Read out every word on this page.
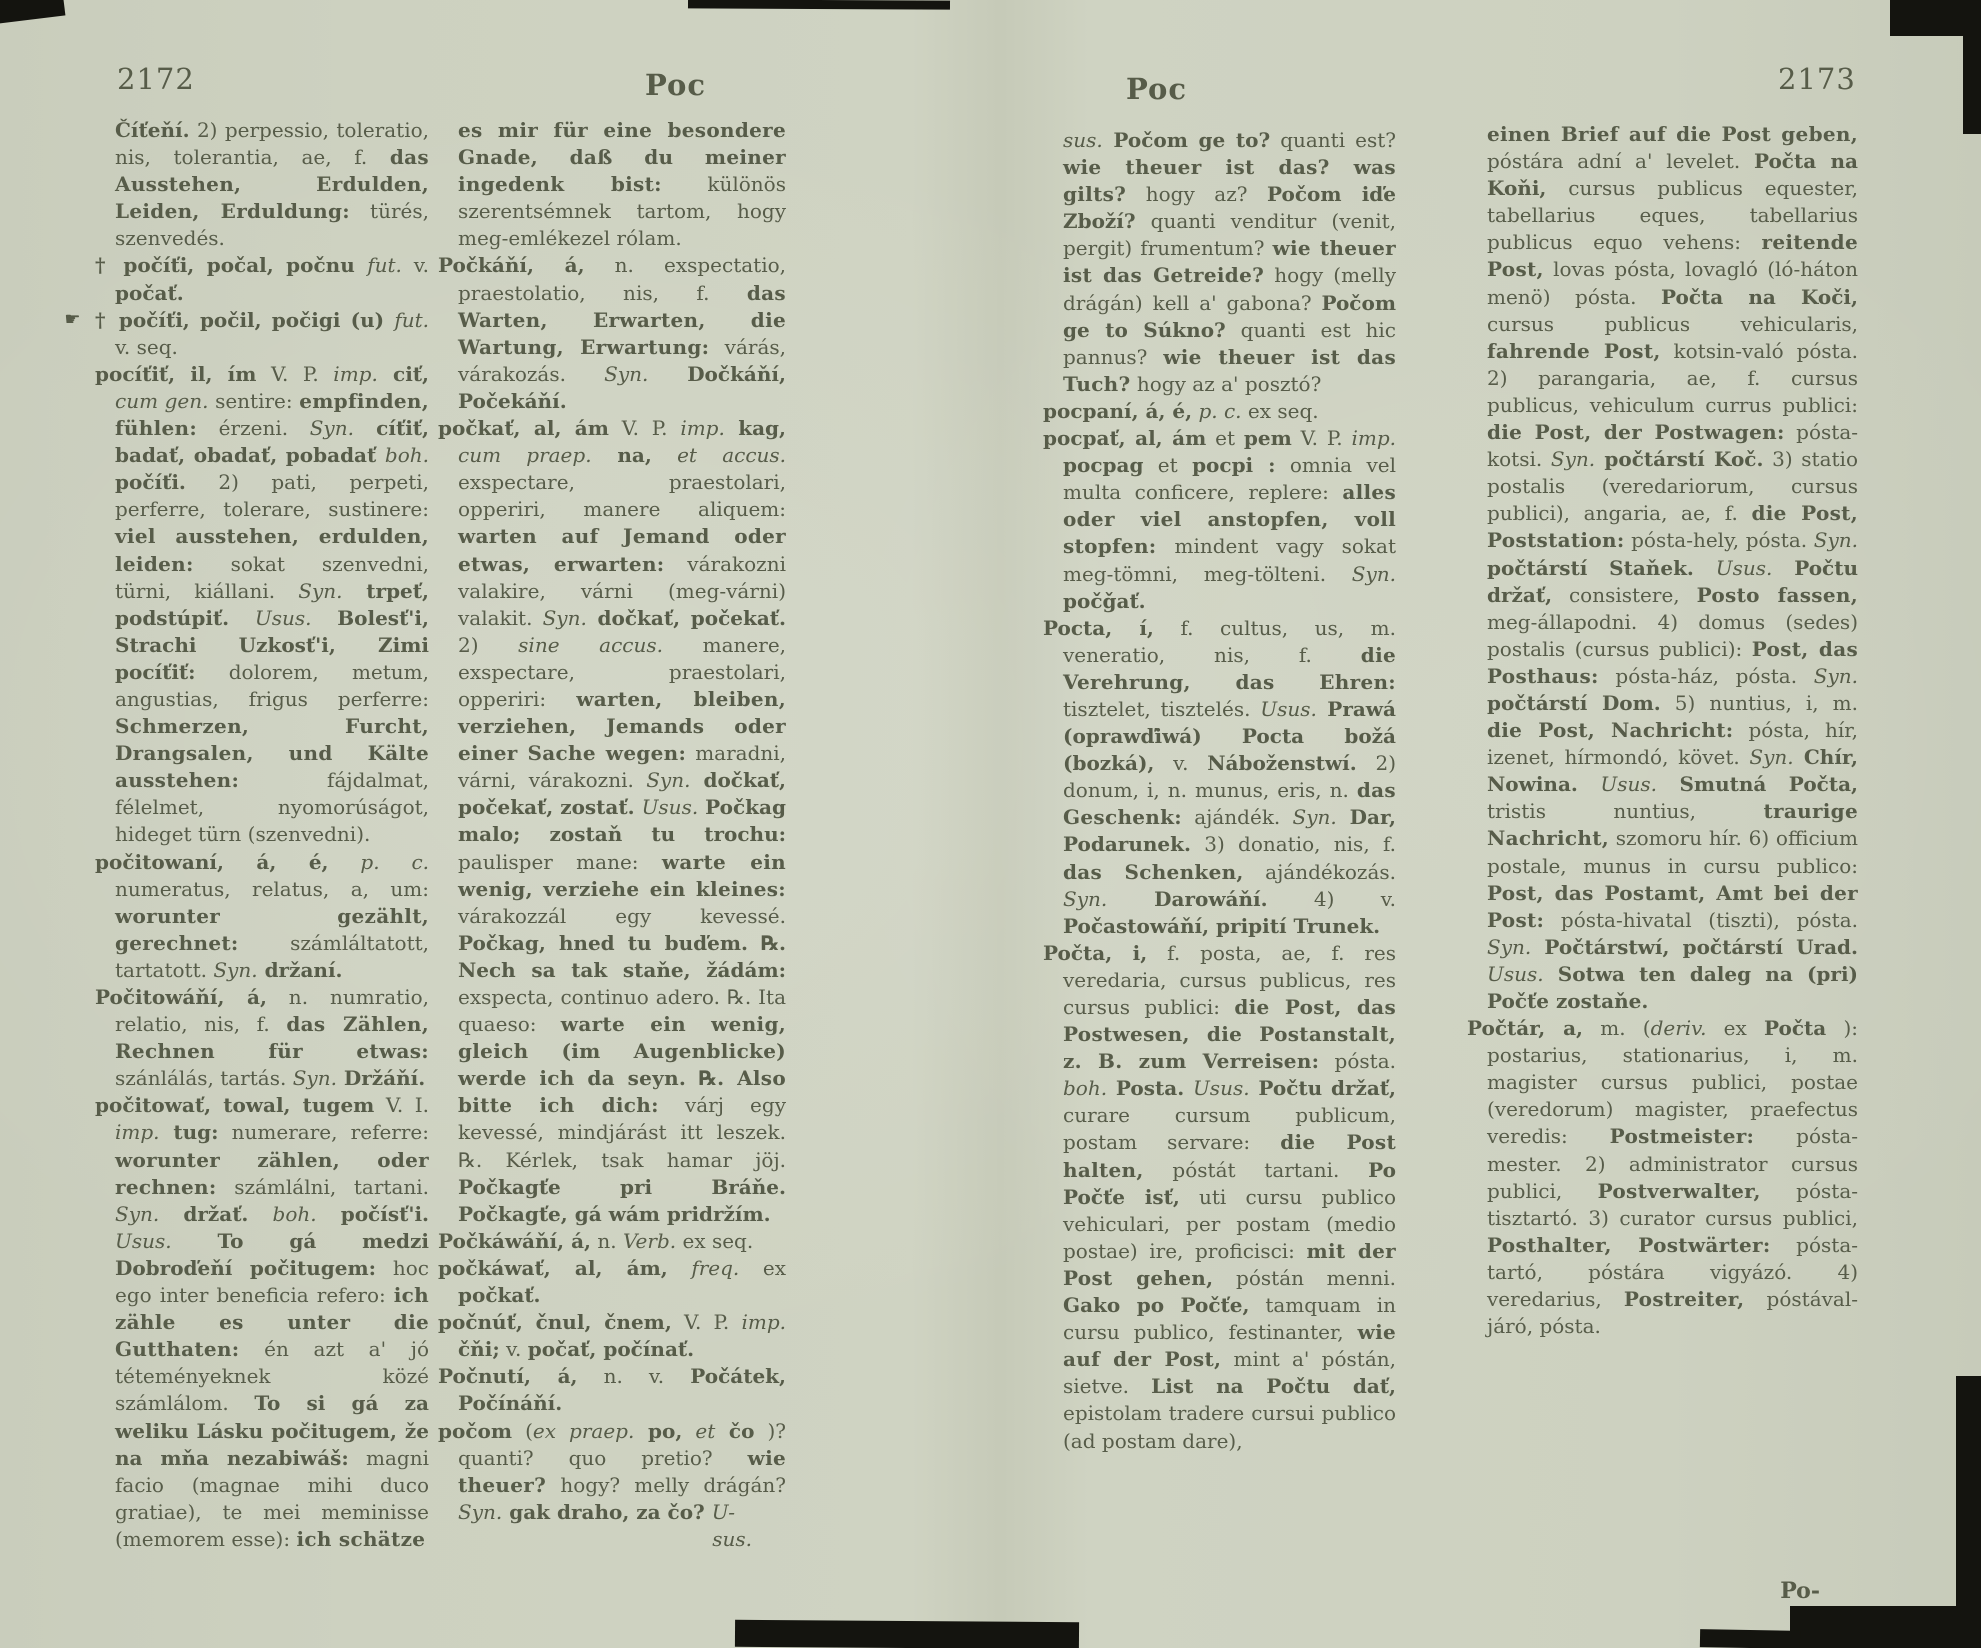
2172	Poc	Poc	2173

Číťeňí. 2) perpessio, toleratio, nis, tolerantia, ae, f. das Ausstehen, Erdulden, Leiden, Erduldung: türés, szenvedés.

† počíťi, počal, počnu fut. v. počať.

☛ † počíťi, počil, počigi (u) fut. v. seq.

pocíťiť, il, ím V. P. imp. ciť, cum gen. sentire: empfinden, fühlen: érzeni. Syn. cíťiť, badať, obadať, pobadať boh. počíťi. 2) pati, perpeti, perferre, tolerare, sustinere: viel ausstehen, erdulden, leiden: sokat szenvedni, türni, kiállani. Syn. trpeť, podstúpiť. Usus. Bolesť'i, Strachi Uzkosť'i, Zimi pocíťiť: dolorem, metum, angustias, frigus perferre: Schmerzen, Furcht, Drangsalen, und Kälte ausstehen: fájdalmat, félelmet, nyomorúságot, hideget türn (szenvedni).

počitowaní, á, é, p. c. numeratus, relatus, a, um: worunter gezählt, gerechnet: számláltatott, tartatott. Syn. držaní.

Počitowáňí, á, n. numratio, relatio, nis, f. das Zählen, Rechnen für etwas: szánlálás, tartás. Syn. Držáňí.

počitowať, towal, tugem V. I. imp. tug: numerare, referre: worunter zählen, oder rechnen: számlálni, tartani. Syn. držať. boh. počísť'i. Usus. To gá medzi Dobroďeňí počitugem: hoc ego inter beneficia refero: ich zähle es unter die Gutthaten: én azt a' jó téteményeknek közé számlálom. To si gá za weliku Lásku počitugem, že na mňa nezabiwáš: magni facio (magnae mihi duco gratiae), te mei meminisse (memorem esse): ich schätze

es mir für eine besondere Gnade, daß du meiner ingedenk bist: különös szerentsémnek tartom, hogy meg-emlékezel rólam.

Počkáňí, á, n. exspectatio, praestolatio, nis, f. das Warten, Erwarten, die Wartung, Erwartung: várás, várakozás. Syn. Dočkáňí, Počekáňí.

počkať, al, ám V. P. imp. kag, cum praep. na, et accus. exspectare, praestolari, opperiri, manere aliquem: warten auf Jemand oder etwas, erwarten: várakozni valakire, várni (meg-várni) valakit. Syn. dočkať, počekať. 2) sine accus. manere, exspectare, praestolari, opperiri: warten, bleiben, verziehen, Jemands oder einer Sache wegen: maradni, várni, várakozni. Syn. dočkať, počekať, zostať. Usus. Počkag malo; zostaň tu trochu: paulisper mane: warte ein wenig, verziehe ein kleines: várakozzál egy kevessé. Počkag, hned tu buďem. ℞. Nech sa tak staňe, žádám: exspecta, continuo adero. ℞. Ita quaeso: warte ein wenig, gleich (im Augenblicke) werde ich da seyn. ℞. Also bitte ich dich: várj egy kevessé, mindjárást itt leszek. ℞. Kérlek, tsak hamar jöj. Počkagťe pri Bráňe. Počkagťe, gá wám pridržím.

Počkáwáňí, á, n. Verb. ex seq.

počkáwať, al, ám, freq. ex počkať.

počnúť, čnul, čnem, V. P. imp. čňi; v. počať, počínať.

Počnutí, á, n. v. Počátek, Počínáňí.

počom (ex praep. po, et čo )? quanti? quo pretio? wie theuer? hogy? melly drágán? Syn. gak draho, za čo? U-

sus.

sus. Počom ge to? quanti est? wie theuer ist das? was gilts? hogy az? Počom iďe Zboží? quanti venditur (venit, pergit) frumentum? wie theuer ist das Getreide? hogy (melly drágán) kell a' gabona? Počom ge to Súkno? quanti est hic pannus? wie theuer ist das Tuch? hogy az a' posztó?

pocpaní, á, é, p. c. ex seq.

pocpať, al, ám et pem V. P. imp. pocpag et pocpi : omnia vel multa conficere, replere: alles oder viel anstopfen, voll stopfen: mindent vagy sokat meg-tömni, meg-tölteni. Syn. počǧať.

Pocta, í, f. cultus, us, m. veneratio, nis, f. die Verehrung, das Ehren: tisztelet, tisztelés. Usus. Prawá (oprawďiwá) Pocta božá (bozká), v. Náboženstwí. 2) donum, i, n. munus, eris, n. das Geschenk: ajándék. Syn. Dar, Podarunek. 3) donatio, nis, f. das Schenken, ajándékozás. Syn. Darowáňí. 4) v. Počastowáňí, pripití Trunek.

Počta, i, f. posta, ae, f. res veredaria, cursus publicus, res cursus publici: die Post, das Postwesen, die Postanstalt, z. B. zum Verreisen: pósta. boh. Posta. Usus. Počtu držať, curare cursum publicum, postam servare: die Post halten, póstát tartani. Po Počťe isť, uti cursu publico vehiculari, per postam (medio postae) ire, proficisci: mit der Post gehen, póstán menni. Gako po Počťe, tamquam in cursu publico, festinanter, wie auf der Post, mint a' póstán, sietve. List na Počtu dať, epistolam tradere cursui publico (ad postam dare),

einen Brief auf die Post geben, póstára adní a' levelet. Počta na Koňi, cursus publicus equester, tabellarius eques, tabellarius publicus equo vehens: reitende Post, lovas pósta, lovagló (ló-háton menö) pósta. Počta na Koči, cursus publicus vehicularis, fahrende Post, kotsin-való pósta. 2) parangaria, ae, f. cursus publicus, vehiculum currus publici: die Post, der Postwagen: pósta-kotsi. Syn. počtárstí Koč. 3) statio postalis (veredariorum, cursus publici), angaria, ae, f. die Post, Poststation: pósta-hely, pósta. Syn. počtárstí Staňek. Usus. Počtu držať, consistere, Posto fassen, meg-állapodni. 4) domus (sedes) postalis (cursus publici): Post, das Posthaus: pósta-ház, pósta. Syn. počtárstí Dom. 5) nuntius, i, m. die Post, Nachricht: pósta, hír, izenet, hírmondó, követ. Syn. Chír, Nowina. Usus. Smutná Počta, tristis nuntius, traurige Nachricht, szomoru hír. 6) officium postale, munus in cursu publico: Post, das Postamt, Amt bei der Post: pósta-hivatal (tiszti), pósta. Syn. Počtárstwí, počtárstí Urad. Usus. Sotwa ten daleg na (pri) Počťe zostaňe.

Počtár, a, m. (deriv. ex Počta ): postarius, stationarius, i, m. magister cursus publici, postae (veredorum) magister, praefectus veredis: Postmeister: pósta-mester. 2) administrator cursus publici, Postverwalter, pósta-tisztartó. 3) curator cursus publici, Posthalter, Postwärter: pósta-tartó, póstára vigyázó. 4) veredarius, Postreiter, póstával-járó, pósta.

Po-
